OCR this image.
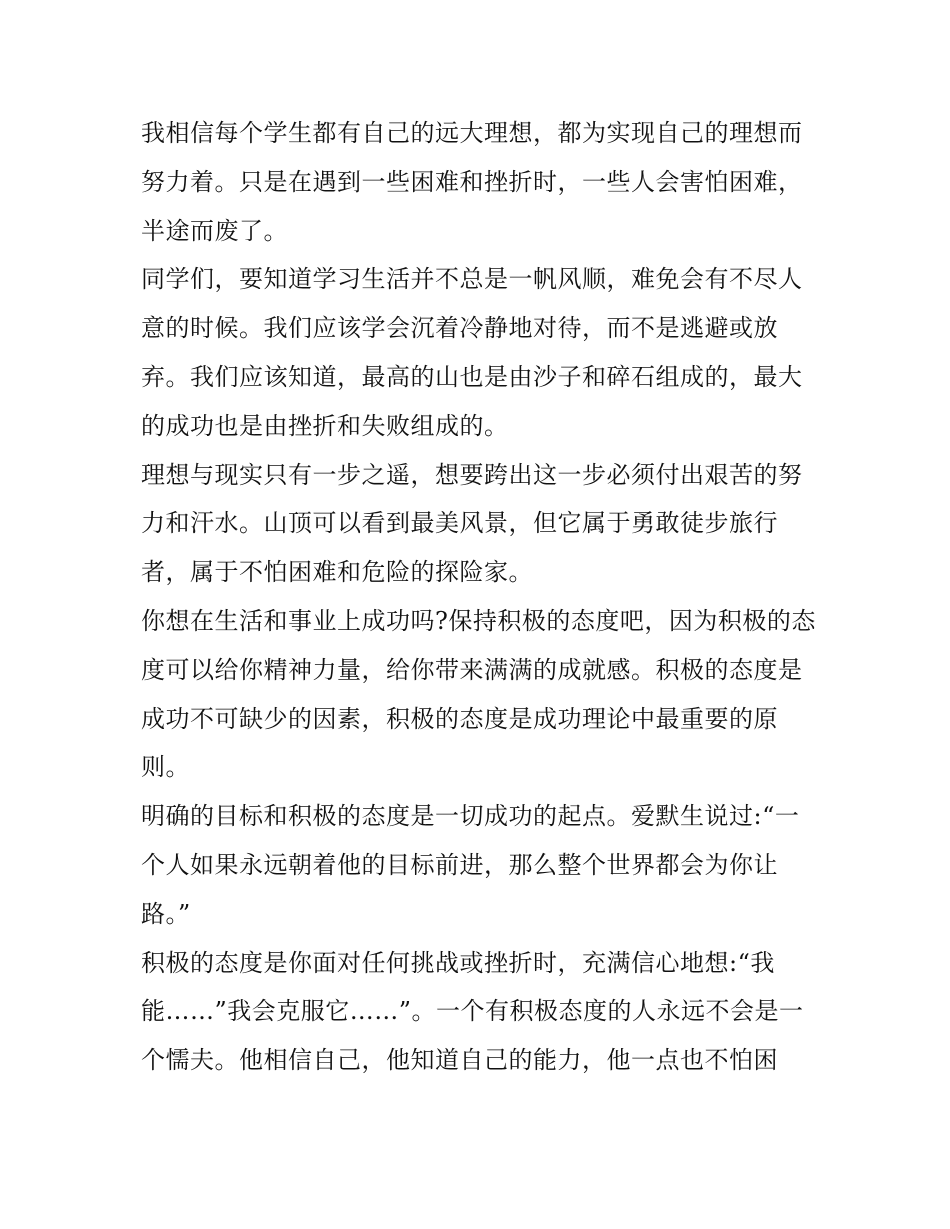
我相信每个学生都有自己的远大理想，都为实现自己的理想而努力着。只是在遇到一些困难和挫折时，一些人会害怕困难，半途而废了。

同学们，要知道学习生活并不总是一帆风顺，难免会有不尽人意的时候。我们应该学会沉着冷静地对待，而不是逃避或放弃。我们应该知道，最高的山也是由沙子和碎石组成的，最大的成功也是由挫折和失败组成的。

理想与现实只有一步之遥，想要跨出这一步必须付出艰苦的努力和汗水。山顶可以看到最美风景，但它属于勇敢徒步旅行者，属于不怕困难和危险的探险家。

你想在生活和事业上成功吗?保持积极的态度吧，因为积极的态度可以给你精神力量，给你带来满满的成就感。积极的态度是成功不可缺少的因素，积极的态度是成功理论中最重要的原则。

明确的目标和积极的态度是一切成功的起点。爱默生说过:“一个人如果永远朝着他的目标前进，那么整个世界都会为你让路。”

积极的态度是你面对任何挑战或挫折时，充满信心地想:“我能……”我会克服它……”。一个有积极态度的人永远不会是一个懦夫。他相信自己，他知道自己的能力，他一点也不怕困
